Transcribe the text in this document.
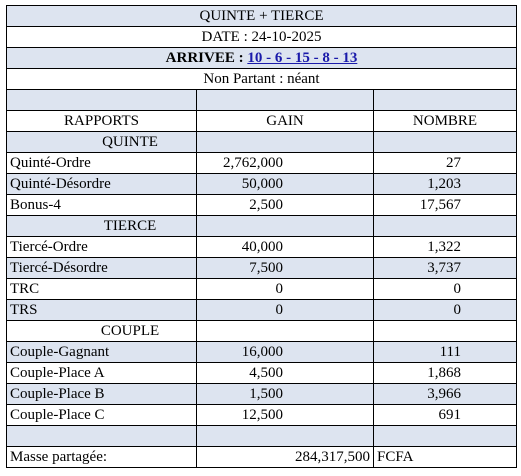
QUINTE + TIERCE		
DATE : 24-10-2025		
ARRIVEE : 10 - 6 - 15 - 8 - 13		
Non Partant : néant		

RAPPORTS	GAIN	NOMBRE
QUINTE		
Quinté-Ordre	2,762,000	27
Quinté-Désordre	50,000	1,203
Bonus-4	2,500	17,567
TIERCE		
Tiercé-Ordre	40,000	1,322
Tiercé-Désordre	7,500	3,737
TRC	0	0
TRS	0	0
COUPLE		
Couple-Gagnant	16,000	111
Couple-Place A	4,500	1,868
Couple-Place B	1,500	3,966
Couple-Place C	12,500	691

Masse partagée:	284,317,500	FCFA
